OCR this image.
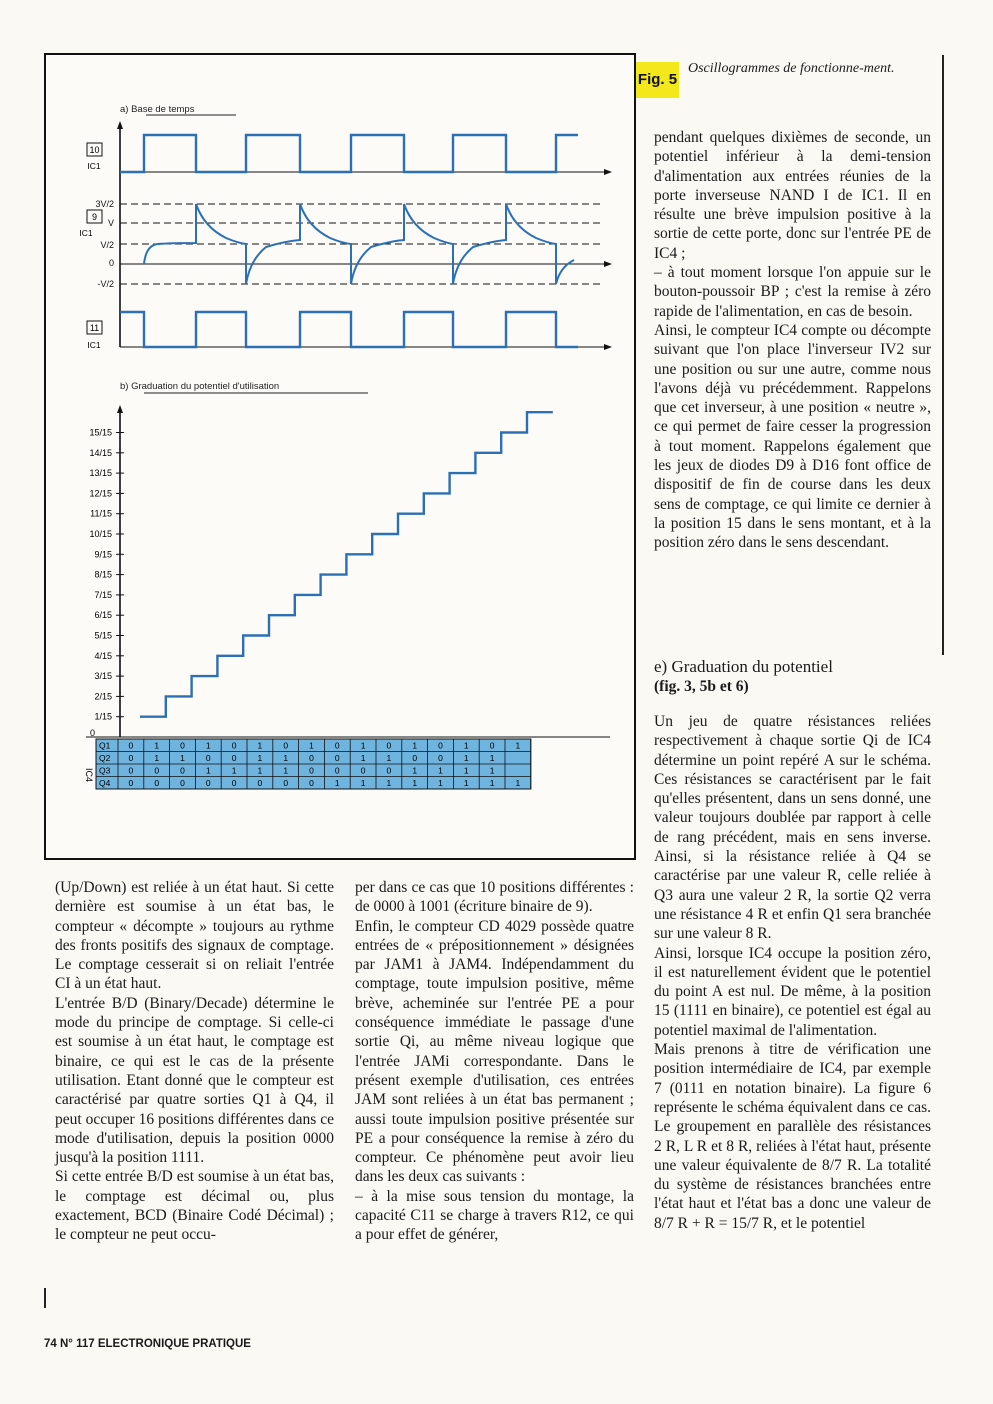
a) Base de temps
10
IC1
9
IC1
3V/2
V
V/2
0
-V/2
11
IC1
b) Graduation du potentiel d'utilisation
1/15
2/15
3/15
4/15
5/15
6/15
7/15
8/15
9/15
10/15
11/15
12/15
13/15
14/15
15/15
0
Q1 0 1 0 1 0 1 0 1 0 1 0 1 0 1 0 1
Q2 0 1 1 0 0 1 1 0 0 1 1 0 0 1 1
Q3 0 0 0 1 1 1 1 0 0 0 0 1 1 1 1
Q4 0 0 0 0 0 0 0 0 1 1 1 1 1 1 1 1
IC4
Fig. 5
Oscillogrammes de fonctionne-ment.

pendant quelques dixièmes de seconde, un potentiel inférieur à la demi-tension d'alimentation aux entrées réunies de la porte inverseuse NAND I de IC1. Il en résulte une brève impulsion positive à la sortie de cette porte, donc sur l'entrée PE de IC4 ;

– à tout moment lorsque l'on appuie sur le bouton-poussoir BP ; c'est la remise à zéro rapide de l'alimentation, en cas de besoin.

Ainsi, le compteur IC4 compte ou décompte suivant que l'on place l'inverseur IV2 sur une position ou sur une autre, comme nous l'avons déjà vu précédemment. Rappelons que cet inverseur, à une position « neutre », ce qui permet de faire cesser la progression à tout moment. Rappelons également que les jeux de diodes D9 à D16 font office de dispositif de fin de course dans les deux sens de comptage, ce qui limite ce dernier à la position 15 dans le sens montant, et à la position zéro dans le sens descendant.

e) Graduation du potentiel
(fig. 3, 5b et 6)

Un jeu de quatre résistances reliées respectivement à chaque sortie Qi de IC4 détermine un point repéré A sur le schéma. Ces résistances se caractérisent par le fait qu'elles présentent, dans un sens donné, une valeur toujours doublée par rapport à celle de rang précédent, mais en sens inverse. Ainsi, si la résistance reliée à Q4 se caractérise par une valeur R, celle reliée à Q3 aura une valeur 2 R, la sortie Q2 verra une résistance 4 R et enfin Q1 sera branchée sur une valeur 8 R.

Ainsi, lorsque IC4 occupe la position zéro, il est naturellement évident que le potentiel du point A est nul. De même, à la position 15 (1111 en binaire), ce potentiel est égal au potentiel maximal de l'alimentation.

Mais prenons à titre de vérification une position intermédiaire de IC4, par exemple 7 (0111 en notation binaire). La figure 6 représente le schéma équivalent dans ce cas. Le groupement en parallèle des résistances 2 R, L R et 8 R, reliées à l'état haut, présente une valeur équivalente de 8/7 R. La totalité du système de résistances branchées entre l'état haut et l'état bas a donc une valeur de 8/7 R + R = 15/7 R, et le potentiel

(Up/Down) est reliée à un état haut. Si cette dernière est soumise à un état bas, le compteur « décompte » toujours au rythme des fronts positifs des signaux de comptage. Le comptage cesserait si on reliait l'entrée CI à un état haut.

L'entrée B/D (Binary/Decade) détermine le mode du principe de comptage. Si celle-ci est soumise à un état haut, le comptage est binaire, ce qui est le cas de la présente utilisation. Etant donné que le compteur est caractérisé par quatre sorties Q1 à Q4, il peut occuper 16 positions différentes dans ce mode d'utilisation, depuis la position 0000 jusqu'à la position 1111.

Si cette entrée B/D est soumise à un état bas, le comptage est décimal ou, plus exactement, BCD (Binaire Codé Décimal) ; le compteur ne peut occu-

per dans ce cas que 10 positions différentes : de 0000 à 1001 (écriture binaire de 9).

Enfin, le compteur CD 4029 possède quatre entrées de « prépositionnement » désignées par JAM1 à JAM4. Indépendamment du comptage, toute impulsion positive, même brève, acheminée sur l'entrée PE a pour conséquence immédiate le passage d'une sortie Qi, au même niveau logique que l'entrée JAMi correspondante. Dans le présent exemple d'utilisation, ces entrées JAM sont reliées à un état bas permanent ; aussi toute impulsion positive présentée sur PE a pour conséquence la remise à zéro du compteur. Ce phénomène peut avoir lieu dans les deux cas suivants :

– à la mise sous tension du montage, la capacité C11 se charge à travers R12, ce qui a pour effet de générer,

74 N° 117 ELECTRONIQUE PRATIQUE
